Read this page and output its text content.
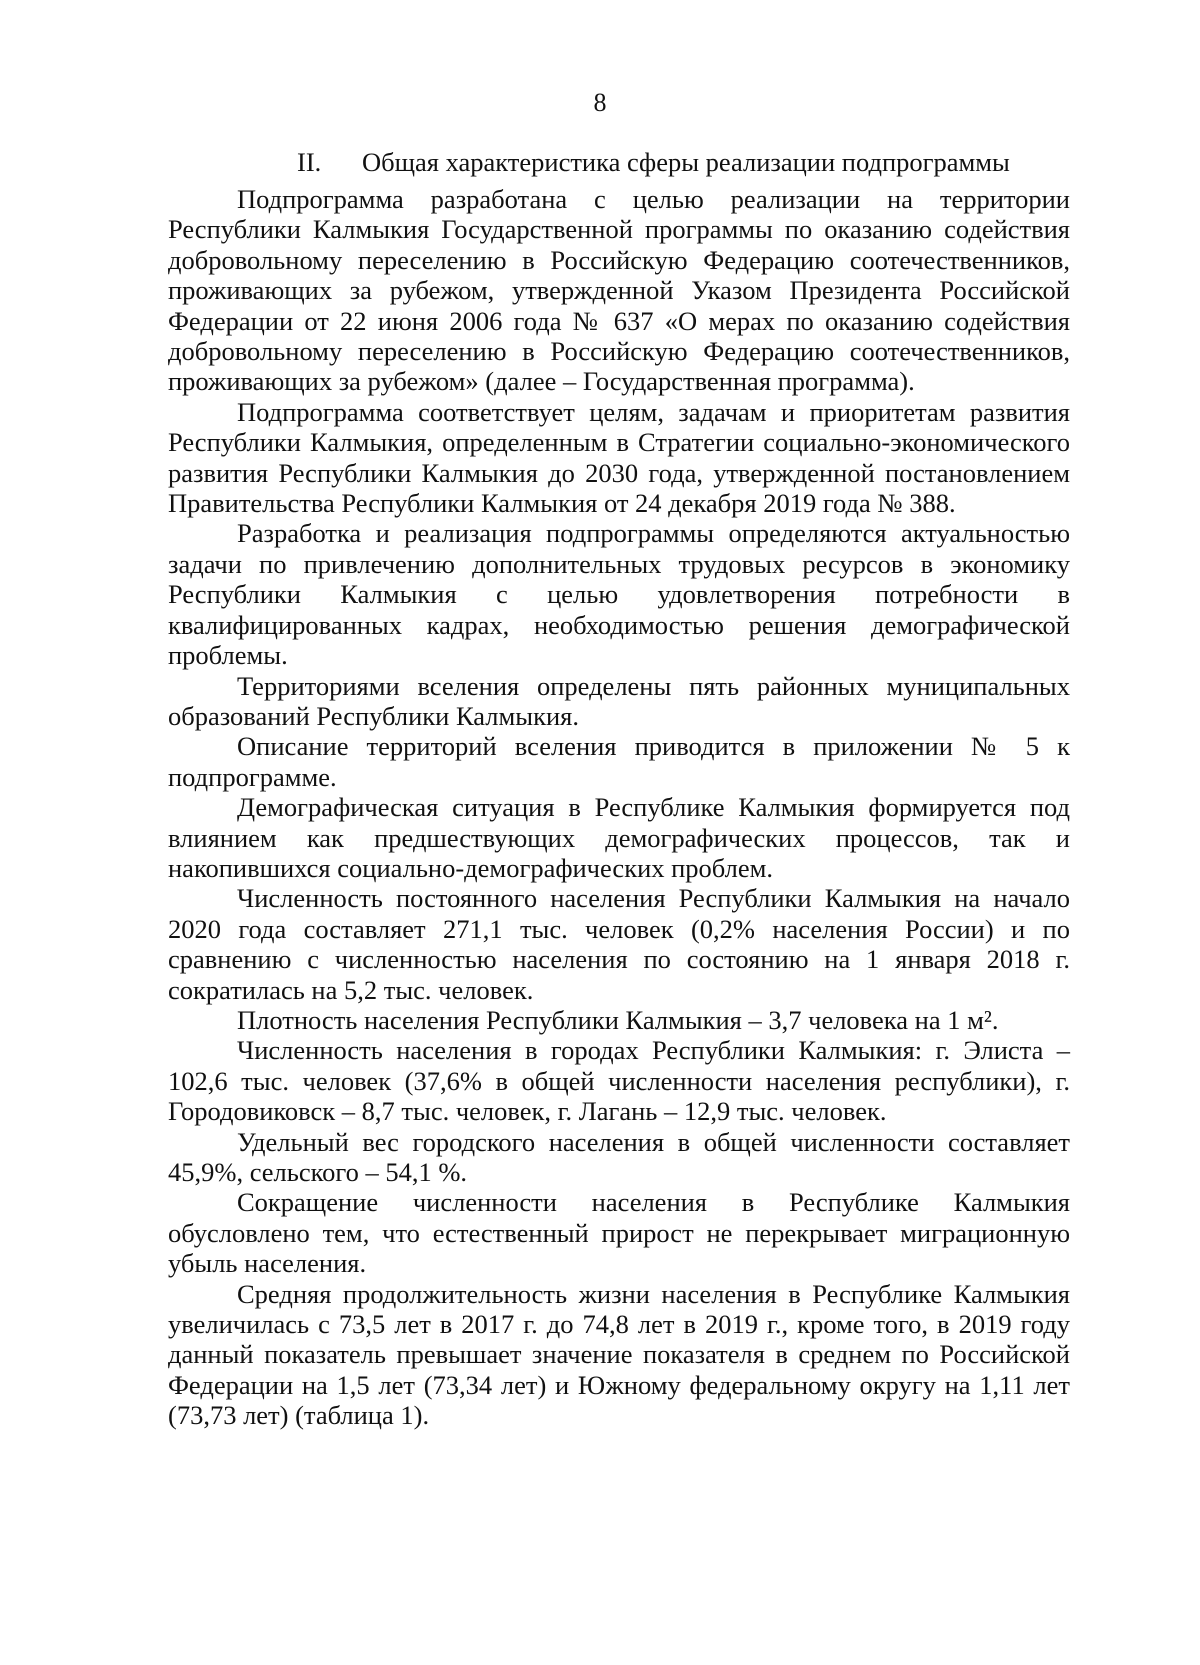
8
II. Общая характеристика сферы реализации подпрограммы

Подпрограмма разработана с целью реализации на территории Республики Калмыкия Государственной программы по оказанию содействия добровольному переселению в Российскую Федерацию соотечественников, проживающих за рубежом, утвержденной Указом Президента Российской Федерации от 22 июня 2006 года № 637 «О мерах по оказанию содействия добровольному переселению в Российскую Федерацию соотечественников, проживающих за рубежом» (далее – Государственная программа).

Подпрограмма соответствует целям, задачам и приоритетам развития Республики Калмыкия, определенным в Стратегии социально-экономического развития Республики Калмыкия до 2030 года, утвержденной постановлением Правительства Республики Калмыкия от 24 декабря 2019 года № 388.

Разработка и реализация подпрограммы определяются актуальностью задачи по привлечению дополнительных трудовых ресурсов в экономику Республики Калмыкия с целью удовлетворения потребности в квалифицированных кадрах, необходимостью решения демографической проблемы.

Территориями вселения определены пять районных муниципальных образований Республики Калмыкия.

Описание территорий вселения приводится в приложении № 5 к подпрограмме.

Демографическая ситуация в Республике Калмыкия формируется под влиянием как предшествующих демографических процессов, так и накопившихся социально-демографических проблем.

Численность постоянного населения Республики Калмыкия на начало 2020 года составляет 271,1 тыс. человек (0,2% населения России) и по сравнению с численностью населения по состоянию на 1 января 2018 г. сократилась на 5,2 тыс. человек.

Плотность населения Республики Калмыкия – 3,7 человека на 1 м².

Численность населения в городах Республики Калмыкия: г. Элиста – 102,6 тыс. человек (37,6% в общей численности населения республики), г. Городовиковск – 8,7 тыс. человек, г. Лагань – 12,9 тыс. человек.

Удельный вес городского населения в общей численности составляет 45,9%, сельского – 54,1 %.

Сокращение численности населения в Республике Калмыкия обусловлено тем, что естественный прирост не перекрывает миграционную убыль населения.

Средняя продолжительность жизни населения в Республике Калмыкия увеличилась с 73,5 лет в 2017 г. до 74,8 лет в 2019 г., кроме того, в 2019 году данный показатель превышает значение показателя в среднем по Российской Федерации на 1,5 лет (73,34 лет) и Южному федеральному округу на 1,11 лет (73,73 лет) (таблица 1).
